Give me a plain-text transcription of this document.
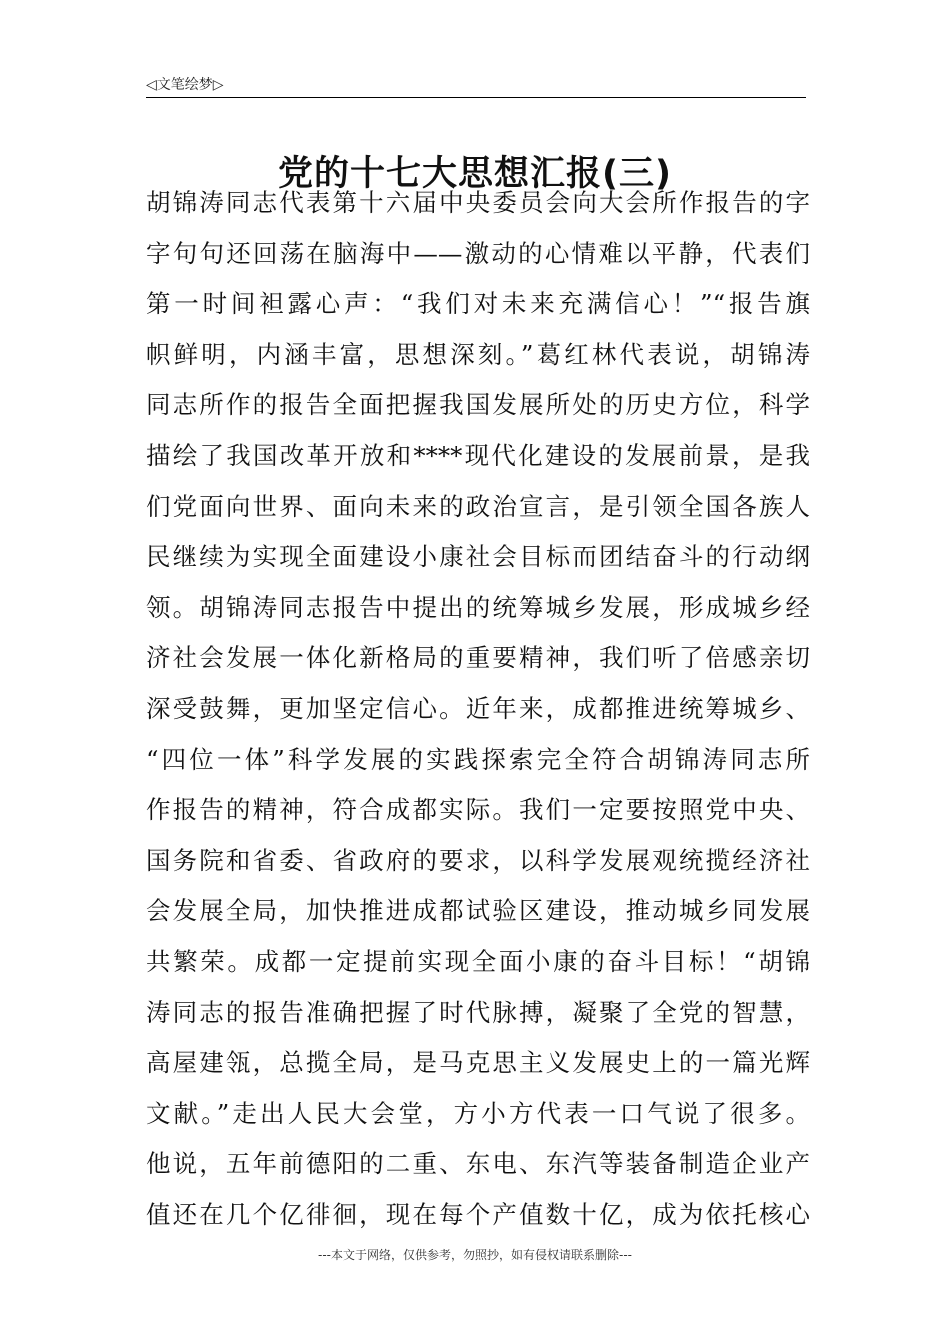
◁文笔绘梦▷
党的十七大思想汇报(三)
胡锦涛同志代表第十六届中央委员会向大会所作报告的字
字句句还回荡在脑海中——激动的心情难以平静，代表们
第一时间袒露心声：“我们对未来充满信心！”“报告旗
帜鲜明，内涵丰富，思想深刻。”葛红林代表说，胡锦涛
同志所作的报告全面把握我国发展所处的历史方位，科学
描绘了我国改革开放和****现代化建设的发展前景，是我
们党面向世界、面向未来的政治宣言，是引领全国各族人
民继续为实现全面建设小康社会目标而团结奋斗的行动纲
领。胡锦涛同志报告中提出的统筹城乡发展，形成城乡经
济社会发展一体化新格局的重要精神，我们听了倍感亲切
深受鼓舞，更加坚定信心。近年来，成都推进统筹城乡、
“四位一体”科学发展的实践探索完全符合胡锦涛同志所
作报告的精神，符合成都实际。我们一定要按照党中央、
国务院和省委、省政府的要求，以科学发展观统揽经济社
会发展全局，加快推进成都试验区建设，推动城乡同发展
共繁荣。成都一定提前实现全面小康的奋斗目标！“胡锦
涛同志的报告准确把握了时代脉搏，凝聚了全党的智慧，
高屋建瓴，总揽全局，是马克思主义发展史上的一篇光辉
文献。”走出人民大会堂，方小方代表一口气说了很多。
他说，五年前德阳的二重、东电、东汽等装备制造企业产
值还在几个亿徘徊，现在每个产值数十亿，成为依托核心
---本文于网络，仅供参考，勿照抄，如有侵权请联系删除---
